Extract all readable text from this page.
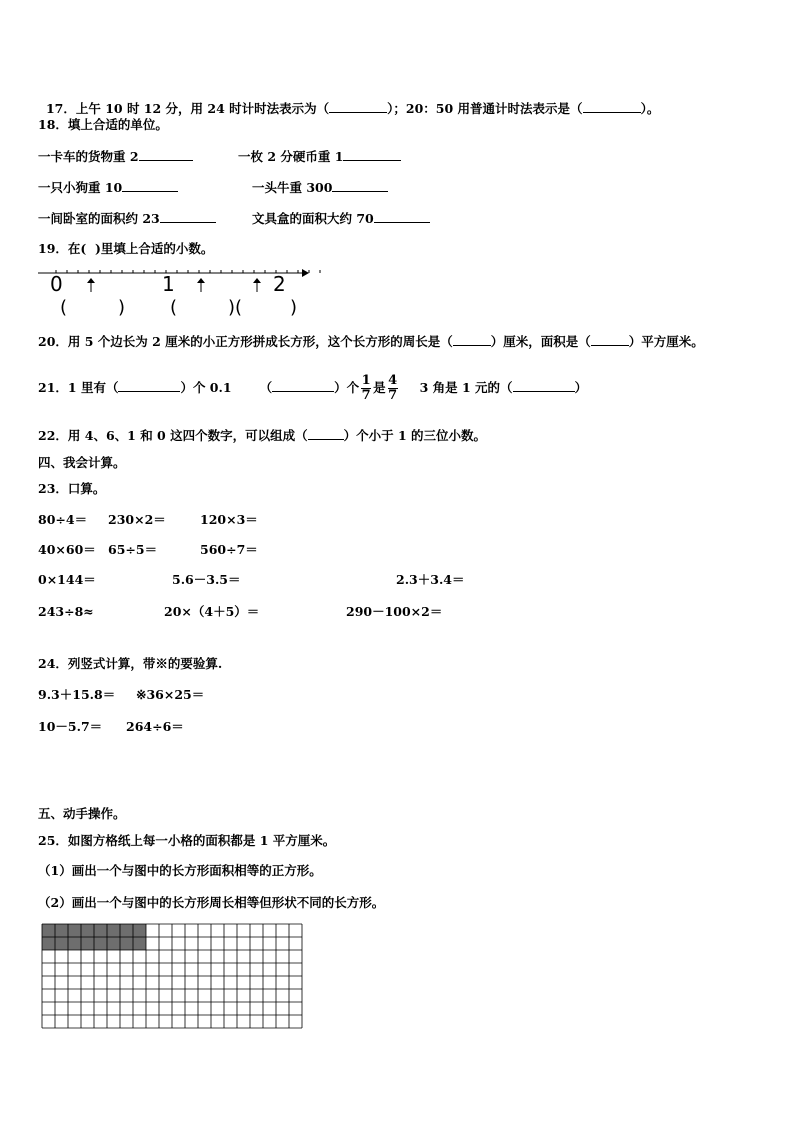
17．上午 10 时 12 分，用 24 时计时法表示为（	）；20：50 用普通计时法表示是（	）。

18．填上合适的单位。
一卡车的货物重 2	一枚 2 分硬币重 1
一只小狗重 10	一头牛重 300
一间卧室的面积约 23	文具盒的面积大约 70
19．在(  )里填上合适的小数。
0	1	2
(	) (	)(	)
20．用 5 个边长为 2 厘米的小正方形拼成长方形，这个长方形的周长是（	）厘米，面积是（	）平方厘米。
21．1 里有（	）个 0.1 （	）个 $\frac{1}{7}$ 是 $\frac{4}{7} 3$ 角是 1 元的（	）
22．用 4、6、1 和 0 这四个数字，可以组成（	）个小于 1 的三位小数。
四、我会计算。
23．口算。
80÷4＝ 230×2＝	120×3＝
40×60＝ 65÷5＝	560÷7＝
0×144＝	5.6－3.5＝	2.3＋3.4＝
243÷8≈	20×（4＋5）＝	290－100×2＝
24．列竖式计算，带※的要验算.
9.3＋15.8＝ ※36×25＝
10－5.7＝ 264÷6＝
五、动手操作。
25．如图方格纸上每一小格的面积都是 1 平方厘米。
（1）画出一个与图中的长方形面积相等的正方形。
（2）画出一个与图中的长方形周长相等但形状不同的长方形。
